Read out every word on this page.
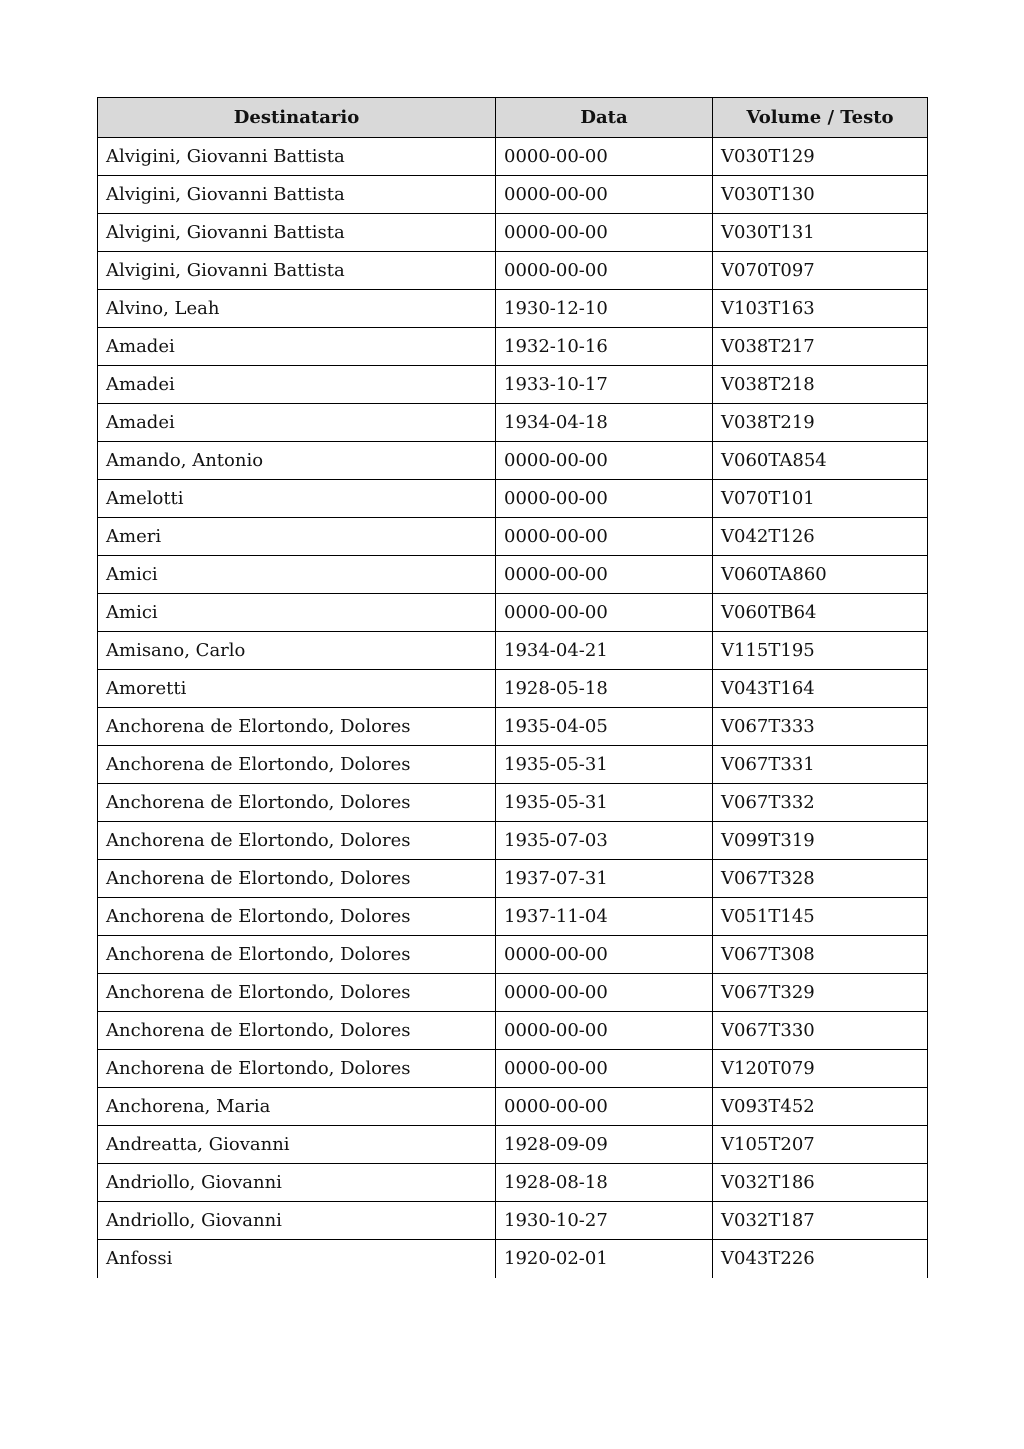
Destinatario	Data	Volume / Testo
Alvigini, Giovanni Battista	0000-00-00	V030T129
Alvigini, Giovanni Battista	0000-00-00	V030T130
Alvigini, Giovanni Battista	0000-00-00	V030T131
Alvigini, Giovanni Battista	0000-00-00	V070T097
Alvino, Leah	1930-12-10	V103T163
Amadei	1932-10-16	V038T217
Amadei	1933-10-17	V038T218
Amadei	1934-04-18	V038T219
Amando, Antonio	0000-00-00	V060TA854
Amelotti	0000-00-00	V070T101
Ameri	0000-00-00	V042T126
Amici	0000-00-00	V060TA860
Amici	0000-00-00	V060TB64
Amisano, Carlo	1934-04-21	V115T195
Amoretti	1928-05-18	V043T164
Anchorena de Elortondo, Dolores	1935-04-05	V067T333
Anchorena de Elortondo, Dolores	1935-05-31	V067T331
Anchorena de Elortondo, Dolores	1935-05-31	V067T332
Anchorena de Elortondo, Dolores	1935-07-03	V099T319
Anchorena de Elortondo, Dolores	1937-07-31	V067T328
Anchorena de Elortondo, Dolores	1937-11-04	V051T145
Anchorena de Elortondo, Dolores	0000-00-00	V067T308
Anchorena de Elortondo, Dolores	0000-00-00	V067T329
Anchorena de Elortondo, Dolores	0000-00-00	V067T330
Anchorena de Elortondo, Dolores	0000-00-00	V120T079
Anchorena, Maria	0000-00-00	V093T452
Andreatta, Giovanni	1928-09-09	V105T207
Andriollo, Giovanni	1928-08-18	V032T186
Andriollo, Giovanni	1930-10-27	V032T187
Anfossi	1920-02-01	V043T226
